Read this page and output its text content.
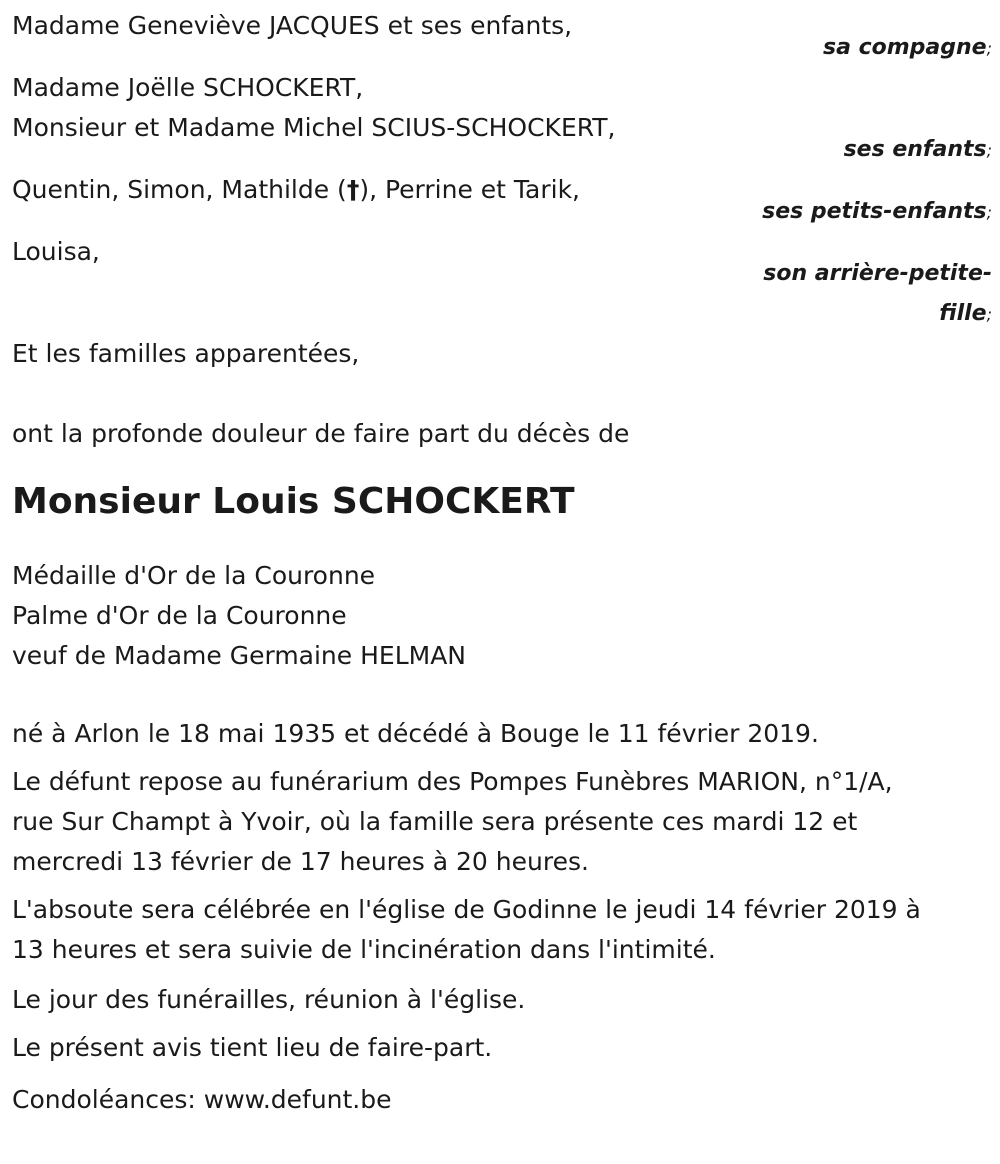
Madame Geneviève JACQUES et ses enfants,
sa compagne;
Madame Joëlle SCHOCKERT,
Monsieur et Madame Michel SCIUS-SCHOCKERT,
ses enfants;
Quentin, Simon, Mathilde (†), Perrine et Tarik,
ses petits-enfants;
Louisa,
son arrière-petite-
fille;
Et les familles apparentées,
ont la profonde douleur de faire part du décès de
Monsieur Louis SCHOCKERT
Médaille d'Or de la Couronne
Palme d'Or de la Couronne
veuf de Madame Germaine HELMAN
né à Arlon le 18 mai 1935 et décédé à Bouge le 11 février 2019.
Le défunt repose au funérarium des Pompes Funèbres MARION, n°1/A,
rue Sur Champt à Yvoir, où la famille sera présente ces mardi 12 et
mercredi 13 février de 17 heures à 20 heures.
L'absoute sera célébrée en l'église de Godinne le jeudi 14 février 2019 à
13 heures et sera suivie de l'incinération dans l'intimité.
Le jour des funérailles, réunion à l'église.
Le présent avis tient lieu de faire-part.
Condoléances: www.defunt.be
